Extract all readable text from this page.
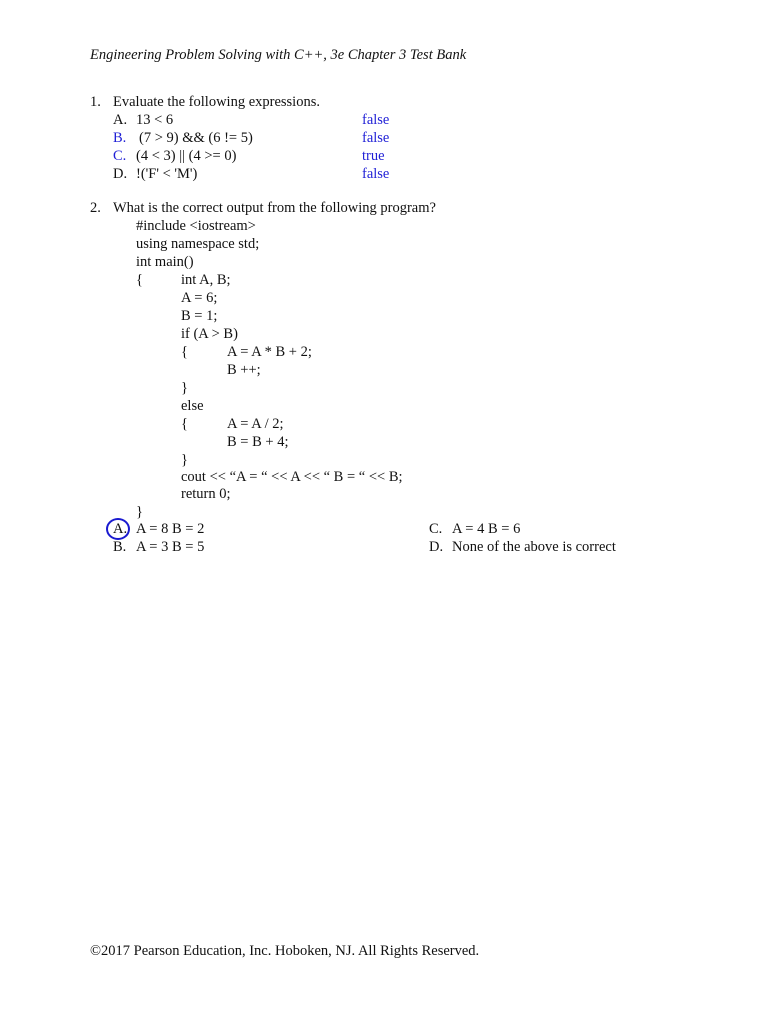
Engineering Problem Solving with C++, 3e Chapter 3 Test Bank
1. Evaluate the following expressions.
A. 13 < 6	false
B. (7 > 9) && (6 != 5)	false
C. (4 < 3) || (4 >= 0)	true
D. !('F' < 'M')	false
2. What is the correct output from the following program?
#include <iostream>
using namespace std;
int main()
{	int A, B;
A = 6;
B = 1;
if (A > B)
{	A = A * B + 2;
B ++;
}
else
{	A = A / 2;
B = B + 4;
}
cout << “A = “ << A << “ B = “ << B;
return 0;
}
A. A = 8 B = 2
B. A = 3 B = 5
C. A = 4 B = 6
D. None of the above is correct
©2017 Pearson Education, Inc. Hoboken, NJ. All Rights Reserved.
